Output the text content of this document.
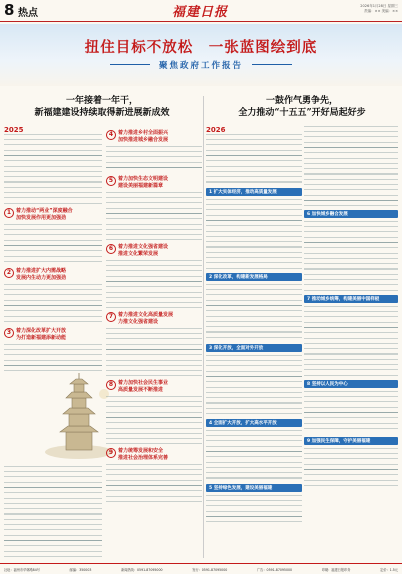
8 热点	福建日报	2026年1月28日 星期三
责编：×× 美编：××
扭住目标不放松　一张蓝图绘到底
聚焦政府工作报告
一年接着一年干，
新福建建设持续取得新进展新成效
一鼓作气勇争先，
全力推动“十五五”开好局起好步
2025
1 着力推动“两业”深度融合
加快发展作用更加强劲
2 着力推进扩大内需战略
发展内生动力更加强劲
3 着力深化改革扩大开放
为打造新福建添新动能
4 着力推进乡村全面振兴
加快推进城乡融合发展
5 着力加快生态文明建设
建设美丽福建新篇章
6 着力推进文化强省建设
推进文化繁荣发展
7 着力推进文化高质量发展
力推文化强省建设
8 着力加快社会民生事业
高质量发展不断推进
9 着力统筹发展和安全
推进社会治理体系完善
2026
1 扩大实体经济，推动高质量发展
2 深化改革，构建新发展格局
3 深化开放，全面对外开放
4 全面扩大开放，扩大高水平开放
5 坚持绿色发展，建设美丽福建
6 加快城乡融合发展
7 推动城乡统筹，构建美丽中国样板
8 坚持以人民为中心
9 加强民生保障，守护美丽福建
社址：福州市华林路84号	邮编：350003	新闻热线：0591-87095000	发行：0591-87095000	广告：0591-87095000	印刷：福建日报印务	定价：1.5元
